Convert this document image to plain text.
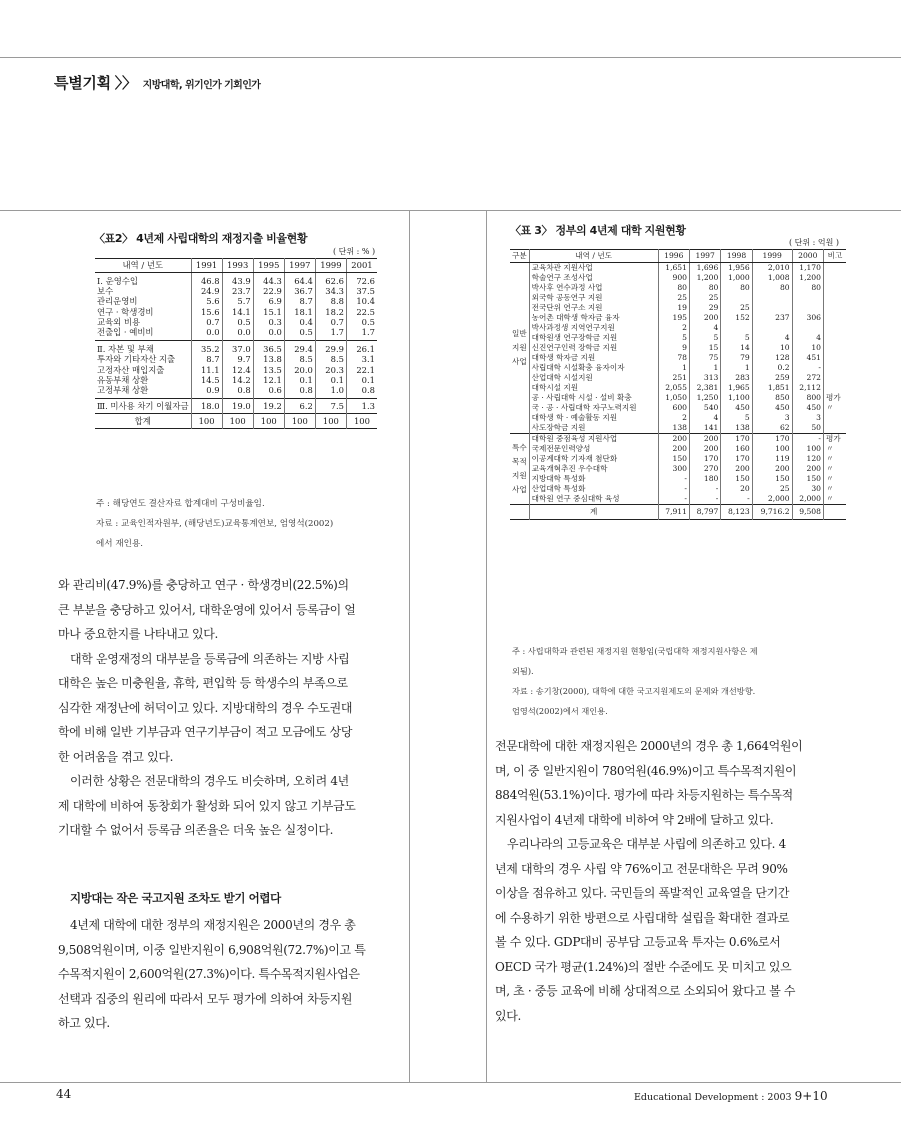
특별기획 〉〉 지방대학, 위기인가 기회인가
〈표2〉 4년제 사립대학의 재정지출 비율현황
( 단위 : % )
내역 / 년도	1991	1993	1995	1997	1999	2001
Ⅰ. 운영수입	46.8	43.9	44.3	64.4	62.6	72.6
보수	24.9	23.7	22.9	36.7	34.3	37.5
관리운영비	5.6	5.7	6.9	8.7	8.8	10.4
연구 · 학생경비	15.6	14.1	15.1	18.1	18.2	22.5
교육외 비용	0.7	0.5	0.3	0.4	0.7	0.5
전출입 · 예비비	0.0	0.0	0.0	0.5	1.7	1.7
Ⅱ. 자본 및 부채	35.2	37.0	36.5	29.4	29.9	26.1
투자와 기타자산 지출	8.7	9.7	13.8	8.5	8.5	3.1
고정자산 매입지출	11.1	12.4	13.5	20.0	20.3	22.1
유동부채 상환	14.5	14.2	12.1	0.1	0.1	0.1
고정부채 상환	0.9	0.8	0.6	0.8	1.0	0.8
Ⅲ. 미사용 차기 이월자금	18.0	19.0	19.2	6.2	7.5	1.3
합계	100	100	100	100	100	100
주 : 해당연도 결산자료 합계대비 구성비율임.
자료 : 교육인적자원부, (해당년도)교육통계연보, 엄영석(2002)
에서 재인용.
와 관리비(47.9%)를 충당하고 연구 · 학생경비(22.5%)의
큰 부분을 충당하고 있어서, 대학운영에 있어서 등록금이 얼
마나 중요한지를 나타내고 있다.
대학 운영재정의 대부분을 등록금에 의존하는 지방 사립
대학은 높은 미충원율, 휴학, 편입학 등 학생수의 부족으로
심각한 재정난에 허덕이고 있다. 지방대학의 경우 수도권대
학에 비해 일반 기부금과 연구기부금이 적고 모금에도 상당
한 어려움을 겪고 있다.
이러한 상황은 전문대학의 경우도 비슷하며, 오히려 4년
제 대학에 비하여 동창회가 활성화 되어 있지 않고 기부금도
기대할 수 없어서 등록금 의존율은 더욱 높은 실정이다.
지방대는 작은 국고지원 조차도 받기 어렵다
4년제 대학에 대한 정부의 재정지원은 2000년의 경우 총
9,508억원이며, 이중 일반지원이 6,908억원(72.7%)이고 특
수목적지원이 2,600억원(27.3%)이다. 특수목적지원사업은
선택과 집중의 원리에 따라서 모두 평가에 의하여 차등지원
하고 있다.
〈표 3〉 정부의 4년제 대학 지원현황
( 단위 : 억원 )
구분	내역 / 년도	1996	1997	1998	1999	2000	비고
일반지원사업	교육차관 지원사업	1,651	1,696	1,956	2,010	1,170	
	학술연구 조성사업	900	1,200	1,000	1,008	1,200	
	박사후 연수과정 사업	80	80	80	80	80	
	외국학 공동연구 지원	25	25				
	전국단위 연구소 지원	19	29	25			
	농어촌 대학생 학자금 융자	195	200	152	237	306	
	박사과정생 지역연구지원	2	4				
	대학원생 연구장학금 지원	5	5	5	4	4	
	신진연구인력 장학금 지원	9	15	14	10	10	
	대학생 학자금 지원	78	75	79	128	451	
	사립대학 시설확충 융자이자	1	1	1	0.2	-	
	산업대학 시설지원	251	313	283	259	272	
	대학시설 지원	2,055	2,381	1,965	1,851	2,112	
	공 · 사립대학 시설 · 설비 확충	1,050	1,250	1,100	850	800	평가
	국 · 공 · 사립대학 자구노력지원	600	540	450	450	450	〃
	대학생 학 · 예술활동 지원	2	4	5	3	3	
	사도장학금 지원	138	141	138	62	50	
특수목적지원사업	대학원 중점육성 지원사업	200	200	170	170	-	평가
	국제전문인력양성	200	200	160	100	100	〃
	이공계대학 기자재 첨단화	150	170	170	119	120	〃
	교육개혁추진 우수대학	300	270	200	200	200	〃
	지방대학 특성화	-	180	150	150	150	〃
	산업대학 특성화	-	-	20	25	30	〃
	대학원 연구 중심대학 육성	-	-	-	2,000	2,000	〃
	계	7,911	8,797	8,123	9,716.2	9,508	
주 : 사립대학과 관련된 재정지원 현황임(국립대학 재정지원사항은 제
외됨).
자료 : 송기창(2000), 대학에 대한 국고지원제도의 문제와 개선방향.
엄영석(2002)에서 재인용.
전문대학에 대한 재정지원은 2000년의 경우 총 1,664억원이
며, 이 중 일반지원이 780억원(46.9%)이고 특수목적지원이
884억원(53.1%)이다. 평가에 따라 차등지원하는 특수목적
지원사업이 4년제 대학에 비하여 약 2배에 달하고 있다.
우리나라의 고등교육은 대부분 사립에 의존하고 있다. 4
년제 대학의 경우 사립 약 76%이고 전문대학은 무려 90%
이상을 점유하고 있다. 국민들의 폭발적인 교육열을 단기간
에 수용하기 위한 방편으로 사립대학 설립을 확대한 결과로
볼 수 있다. GDP대비 공부담 고등교육 투자는 0.6%로서
OECD 국가 평균(1.24%)의 절반 수준에도 못 미치고 있으
며, 초 · 중등 교육에 비해 상대적으로 소외되어 왔다고 볼 수
있다.
44	Educational Development : 2003 9+10
